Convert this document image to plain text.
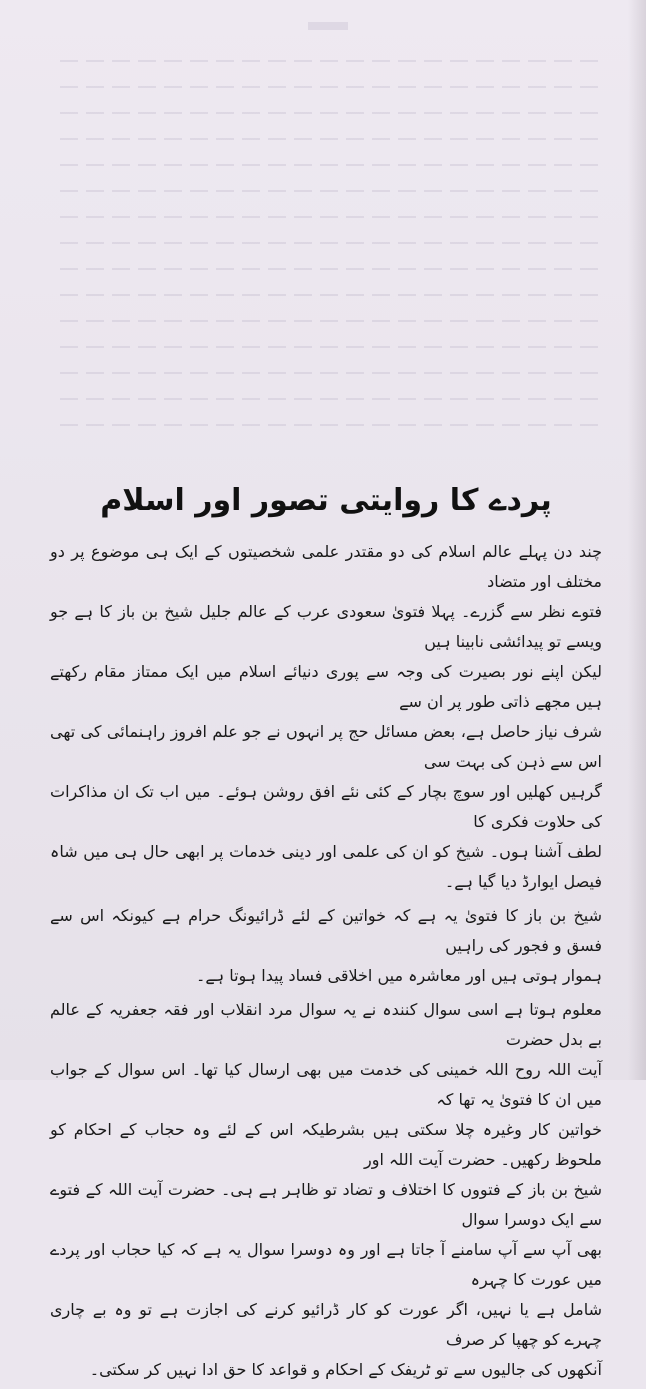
پردے کا روایتی تصور اور اسلام

چند دن پہلے عالم اسلام کی دو مقتدر علمی شخصیتوں کے ایک ہی موضوع پر دو مختلف اور متضاد
فتوے نظر سے گزرے۔ پہلا فتویٰ سعودی عرب کے عالم جلیل شیخ بن باز کا ہے جو ویسے تو پیدائشی نابینا ہیں
لیکن اپنے نور بصیرت کی وجہ سے پوری دنیائے اسلام میں ایک ممتاز مقام رکھتے ہیں مجھے ذاتی طور پر ان سے
شرف نیاز حاصل ہے، بعض مسائل حج پر انہوں نے جو علم افروز راہنمائی کی تھی اس سے ذہن کی بہت سی
گرہیں کھلیں اور سوچ بچار کے کئی نئے افق روشن ہوئے۔ میں اب تک ان مذاکرات کی حلاوت فکری کا
لطف آشنا ہوں۔ شیخ کو ان کی علمی اور دینی خدمات پر ابھی حال ہی میں شاہ فیصل ایوارڈ دیا گیا ہے۔

شیخ بن باز کا فتویٰ یہ ہے کہ خواتین کے لئے ڈرائیونگ حرام ہے کیونکہ اس سے فسق و فجور کی راہیں
ہموار ہوتی ہیں اور معاشرہ میں اخلاقی فساد پیدا ہوتا ہے۔

معلوم ہوتا ہے اسی سوال کنندہ نے یہ سوال مرد انقلاب اور فقہ جعفریہ کے عالم بے بدل حضرت
آیت اللہ روح اللہ خمینی کی خدمت میں بھی ارسال کیا تھا۔ اس سوال کے جواب میں ان کا فتویٰ یہ تھا کہ
خواتین کار وغیرہ چلا سکتی ہیں بشرطیکہ اس کے لئے وہ حجاب کے احکام کو ملحوظ رکھیں۔ حضرت آیت اللہ اور
شیخ بن باز کے فتووں کا اختلاف و تضاد تو ظاہر ہے ہی۔ حضرت آیت اللہ کے فتوے سے ایک دوسرا سوال
بھی آپ سے آپ سامنے آ جاتا ہے اور وہ دوسرا سوال یہ ہے کہ کیا حجاب اور پردے میں عورت کا چہرہ
شامل ہے یا نہیں، اگر عورت کو کار ڈرائیو کرنے کی اجازت ہے تو وہ بے چاری چہرے کو چھپا کر صرف
آنکھوں کی جالیوں سے تو ٹریفک کے احکام و قواعد کا حق ادا نہیں کر سکتی۔
